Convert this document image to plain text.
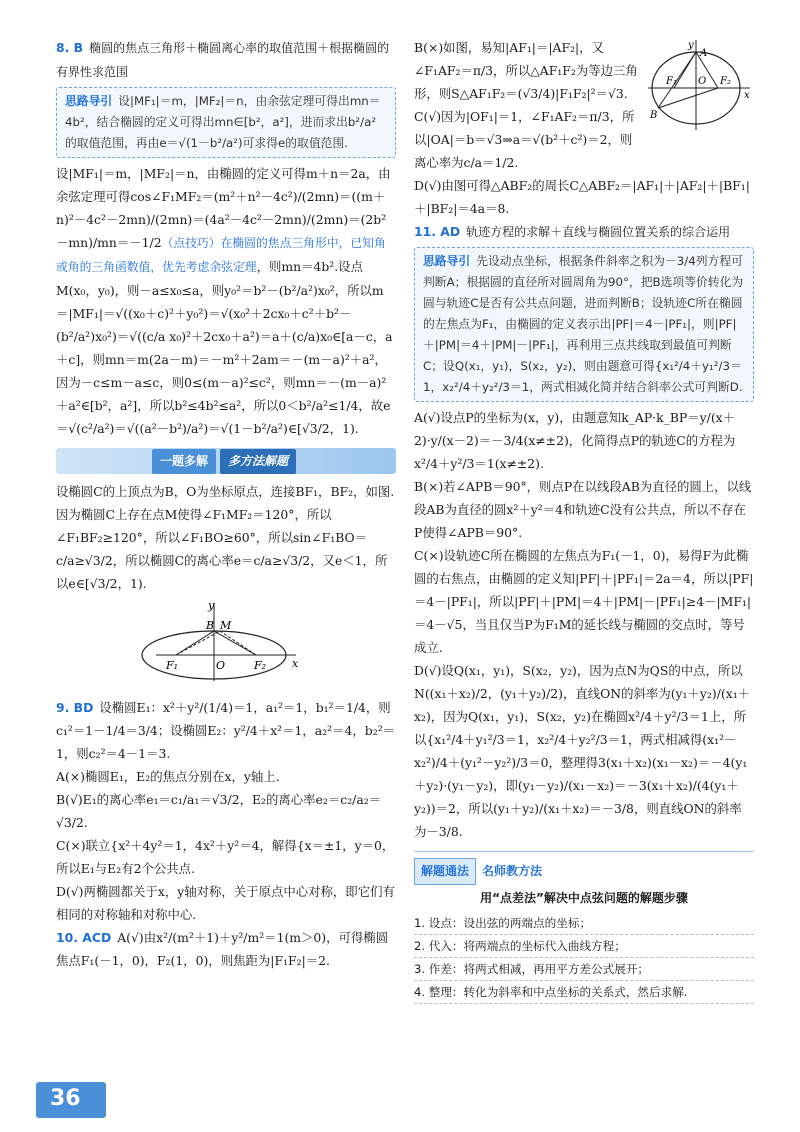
8. B 椭圆的焦点三角形＋椭圆离心率的取值范围＋根据椭圆的有界性求范围

思路导引 设|MF₁|＝m，|MF₂|＝n，由余弦定理可得出mn＝4b²，结合椭圆的定义可得出mn∈[b²，a²]，进而求出b²/a²的取值范围，再由e＝√(1－b²/a²)可求得e的取值范围.

设|MF₁|＝m，|MF₂|＝n，由椭圆的定义可得m＋n＝2a，由余弦定理可得cos∠F₁MF₂＝(m²＋n²－4c²)/(2mn)＝((m＋n)²－4c²－2mn)/(2mn)＝(4a²－4c²－2mn)/(2mn)＝(2b²－mn)/mn＝－1/2（点技巧）在椭圆的焦点三角形中，已知角或角的三角函数值，优先考虑余弦定理，则mn＝4b².设点M(x₀，y₀)，则－a≤x₀≤a，则y₀²＝b²－(b²/a²)x₀²，所以m＝|MF₁|＝√((x₀＋c)²＋y₀²)＝√(x₀²＋2cx₀＋c²＋b²－(b²/a²)x₀²)＝√((c/a x₀)²＋2cx₀＋a²)＝a＋(c/a)x₀∈[a－c，a＋c]，则mn＝m(2a－m)＝－m²＋2am＝－(m－a)²＋a²，因为－c≤m－a≤c，则0≤(m－a)²≤c²，则mn＝－(m－a)²＋a²∈[b²，a²]，所以b²≤4b²≤a²，所以0＜b²/a²≤1/4，故e＝√(c²/a²)＝√((a²－b²)/a²)＝√(1－b²/a²)∈[√3/2，1).

一题多解	多方法解题

设椭圆C的上顶点为B，O为坐标原点，连接BF₁，BF₂，如图.因为椭圆C上存在点M使得∠F₁MF₂＝120°，所以∠F₁BF₂≥120°，所以∠F₁BO≥60°，所以sin∠F₁BO＝c/a≥√3/2，所以椭圆C的离心率e＝c/a≥√3/2，又e＜1，所以e∈[√3/2，1).

y
B M
F₁	O	F₂ x

9. BD 设椭圆E₁：x²＋y²/(1/4)＝1，a₁²＝1，b₁²＝1/4，则c₁²＝1－1/4＝3/4；设椭圆E₂：y²/4＋x²＝1，a₂²＝4，b₂²＝1，则c₂²＝4－1＝3.

A(×)椭圆E₁，E₂的焦点分别在x，y轴上.

B(√)E₁的离心率e₁＝c₁/a₁＝√3/2，E₂的离心率e₂＝c₂/a₂＝√3/2.

C(×)联立{x²＋4y²＝1，4x²＋y²＝4，解得{x＝±1，y＝0，所以E₁与E₂有2个公共点.

D(√)两椭圆都关于x，y轴对称，关于原点中心对称，即它们有相同的对称轴和对称中心.

10. ACD A(√)由x²/(m²＋1)＋y²/m²＝1(m＞0)，可得椭圆焦点F₁(－1，0)，F₂(1，0)，则焦距为|F₁F₂|＝2.

y
A
F₁ O F₂
x
B

B(×)如图，易知|AF₁|＝|AF₂|，又∠F₁AF₂＝π/3，所以△AF₁F₂为等边三角形，则S△AF₁F₂＝(√3/4)|F₁F₂|²＝√3.

C(√)因为|OF₁|＝1，∠F₁AF₂＝π/3，所以|OA|＝b＝√3⇒a＝√(b²＋c²)＝2，则离心率为c/a＝1/2.

D(√)由图可得△ABF₂的周长C△ABF₂＝|AF₁|＋|AF₂|＋|BF₁|＋|BF₂|＝4a＝8.

11. AD 轨迹方程的求解＋直线与椭圆位置关系的综合运用

思路导引 先设动点坐标，根据条件斜率之积为－3/4列方程可判断A；根据圆的直径所对圆周角为90°，把B选项等价转化为圆与轨迹C是否有公共点问题，进而判断B；设轨迹C所在椭圆的左焦点为F₁，由椭圆的定义表示出|PF|＝4－|PF₁|，则|PF|＋|PM|＝4＋|PM|－|PF₁|，再利用三点共线取到最值可判断C；设Q(x₁，y₁)，S(x₂，y₂)，则由题意可得{x₁²/4＋y₁²/3＝1，x₂²/4＋y₂²/3＝1，两式相减化简并结合斜率公式可判断D.

A(√)设点P的坐标为(x，y)，由题意知k_AP·k_BP＝y/(x＋2)·y/(x－2)＝－3/4(x≠±2)，化简得点P的轨迹C的方程为x²/4＋y²/3＝1(x≠±2).

B(×)若∠APB＝90°，则点P在以线段AB为直径的圆上，以线段AB为直径的圆x²＋y²＝4和轨迹C没有公共点，所以不存在P使得∠APB＝90°.

C(×)设轨迹C所在椭圆的左焦点为F₁(－1，0)，易得F为此椭圆的右焦点，由椭圆的定义知|PF|＋|PF₁|＝2a＝4，所以|PF|＝4－|PF₁|，所以|PF|＋|PM|＝4＋|PM|－|PF₁|≥4－|MF₁|＝4－√5，当且仅当P为F₁M的延长线与椭圆的交点时，等号成立.

D(√)设Q(x₁，y₁)，S(x₂，y₂)，因为点N为QS的中点，所以N((x₁＋x₂)/2，(y₁＋y₂)/2)，直线ON的斜率为(y₁＋y₂)/(x₁＋x₂)，因为Q(x₁，y₁)，S(x₂，y₂)在椭圆x²/4＋y²/3＝1上，所以{x₁²/4＋y₁²/3＝1，x₂²/4＋y₂²/3＝1，两式相减得(x₁²－x₂²)/4＋(y₁²－y₂²)/3＝0，整理得3(x₁＋x₂)(x₁－x₂)＝－4(y₁＋y₂)·(y₁－y₂)，即(y₁－y₂)/(x₁－x₂)＝－3(x₁＋x₂)/(4(y₁＋y₂))＝2，所以(y₁＋y₂)/(x₁＋x₂)＝－3/8，则直线ON的斜率为－3/8.

解题通法	名师教方法
用“点差法”解决中点弦问题的解题步骤
1. 设点：设出弦的两端点的坐标；
2. 代入：将两端点的坐标代入曲线方程；
3. 作差：将两式相减，再用平方差公式展开；
4. 整理：转化为斜率和中点坐标的关系式，然后求解.
36
